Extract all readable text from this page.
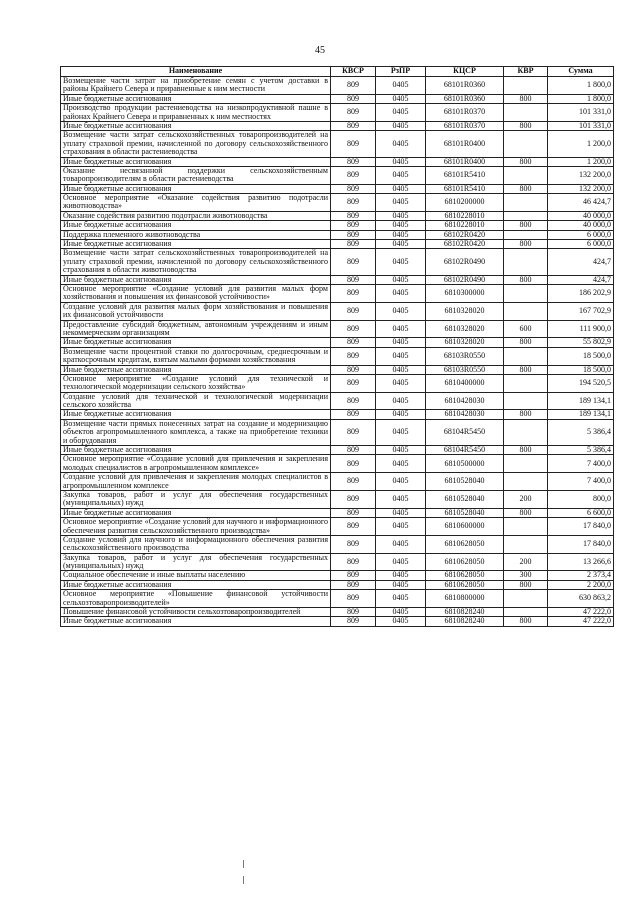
45
Наименование	КВСР	РзПР	КЦСР	КВР	Сумма
Возмещение части затрат на приобретение семян с учетом доставки в районы Крайнего Севера и приравненные к ним местности	809	0405	68101R0360		1 800,0
Иные бюджетные ассигнования	809	0405	68101R0360	800	1 800,0
Производство продукции растениеводства на низкопродуктивной пашне в районах Крайнего Севера и приравненных к ним местностях	809	0405	68101R0370		101 331,0
Иные бюджетные ассигнования	809	0405	68101R0370	800	101 331,0
Возмещение части затрат сельскохозяйственных товаропроизводителей на уплату страховой премии, начисленной по договору сельскохозяйственного страхования в области растениеводства	809	0405	68101R0400		1 200,0
Иные бюджетные ассигнования	809	0405	68101R0400	800	1 200,0
Оказание несвязанной поддержки сельскохозяйственным товаропроизводителям в области растениеводства	809	0405	68101R5410		132 200,0
Иные бюджетные ассигнования	809	0405	68101R5410	800	132 200,0
Основное мероприятие «Оказание содействия развитию подотрасли животноводства»	809	0405	6810200000		46 424,7
Оказание содействия развитию подотрасли животноводства	809	0405	6810228010		40 000,0
Иные бюджетные ассигнования	809	0405	6810228010	800	40 000,0
Поддержка племенного животноводства	809	0405	68102R0420		6 000,0
Иные бюджетные ассигнования	809	0405	68102R0420	800	6 000,0
Возмещение части затрат сельскохозяйственных товаропроизводителей на уплату страховой премии, начисленной по договору сельскохозяйственного страхования в области животноводства	809	0405	68102R0490		424,7
Иные бюджетные ассигнования	809	0405	68102R0490	800	424,7
Основное мероприятие «Создание условий для развития малых форм хозяйствования и повышения их финансовой устойчивости»	809	0405	6810300000		186 202,9
Создание условий для развития малых форм хозяйствования и повышения их финансовой устойчивости	809	0405	6810328020		167 702,9
Предоставление субсидий бюджетным, автономным учреждениям и иным некоммерческим организациям	809	0405	6810328020	600	111 900,0
Иные бюджетные ассигнования	809	0405	6810328020	800	55 802,9
Возмещение части процентной ставки по долгосрочным, среднесрочным и краткосрочным кредитам, взятым малыми формами хозяйствования	809	0405	68103R0550		18 500,0
Иные бюджетные ассигнования	809	0405	68103R0550	800	18 500,0
Основное мероприятие «Создание условий для технической и технологической модернизации сельского хозяйства»	809	0405	6810400000		194 520,5
Создание условий для технической и технологической модернизации сельского хозяйства	809	0405	6810428030		189 134,1
Иные бюджетные ассигнования	809	0405	6810428030	800	189 134,1
Возмещение части прямых понесенных затрат на создание и модернизацию объектов агропромышленного комплекса, а также на приобретение техники и оборудования	809	0405	68104R5450		5 386,4
Иные бюджетные ассигнования	809	0405	68104R5450	800	5 386,4
Основное мероприятие «Создание условий для привлечения и закрепления молодых специалистов в агропромышленном комплексе»	809	0405	6810500000		7 400,0
Создание условий для привлечения и закрепления молодых специалистов в агропромышленном комплексе	809	0405	6810528040		7 400,0
Закупка товаров, работ и услуг для обеспечения государственных (муниципальных) нужд	809	0405	6810528040	200	800,0
Иные бюджетные ассигнования	809	0405	6810528040	800	6 600,0
Основное мероприятие «Создание условий для научного и информационного обеспечения развития сельскохозяйственного производства»	809	0405	6810600000		17 840,0
Создание условий для научного и информационного обеспечения развития сельскохозяйственного производства	809	0405	6810628050		17 840,0
Закупка товаров, работ и услуг для обеспечения государственных (муниципальных) нужд	809	0405	6810628050	200	13 266,6
Социальное обеспечение и иные выплаты населению	809	0405	6810628050	300	2 373,4
Иные бюджетные ассигнования	809	0405	6810628050	800	2 200,0
Основное мероприятие «Повышение финансовой устойчивости сельхозтоваропроизводителей»	809	0405	6810800000		630 863,2
Повышение финансовой устойчивости сельхозтоваропроизводителей	809	0405	6810828240		47 222,0
Иные бюджетные ассигнования	809	0405	6810828240	800	47 222,0
